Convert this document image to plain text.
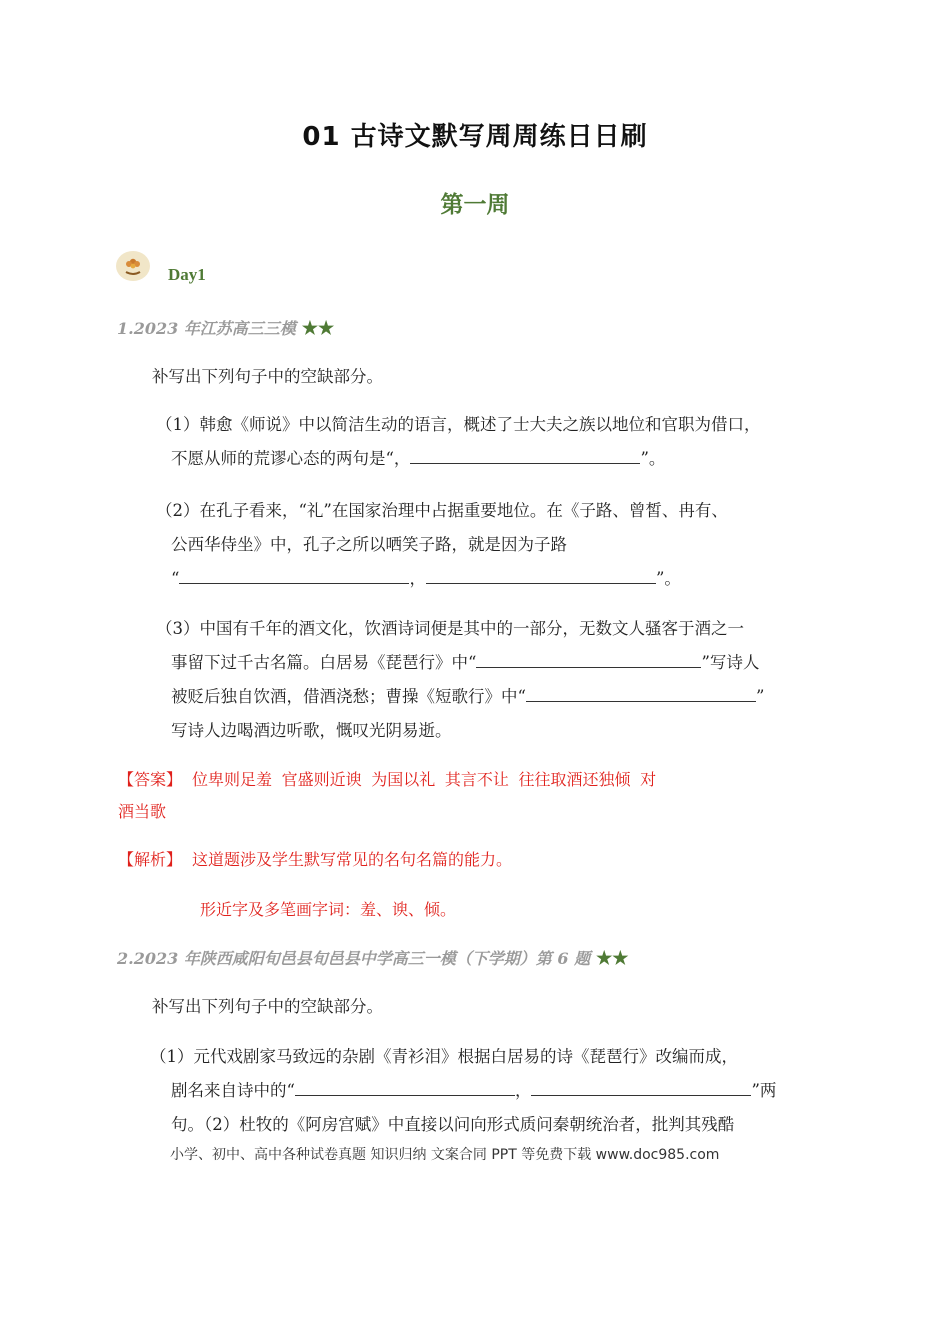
01 古诗文默写周周练日日刷
第一周
Day1
1.2023 年江苏高三三模 ★★
补写出下列句子中的空缺部分。
（1）韩愈《师说》中以简洁生动的语言，概述了士大夫之族以地位和官职为借口，
不愿从师的荒谬心态的两句是“，	”。
（2）在孔子看来，“礼”在国家治理中占据重要地位。在《子路、曾皙、冉有、
公西华侍坐》中，孔子之所以哂笑子路，就是因为子路
“	，	”。
（3）中国有千年的酒文化，饮酒诗词便是其中的一部分，无数文人骚客于酒之一
事留下过千古名篇。白居易《琵琶行》中“	”写诗人
被贬后独自饮酒，借酒浇愁；曹操《短歌行》中“	”
写诗人边喝酒边听歌，慨叹光阴易逝。
【答案】 位卑则足羞 官盛则近谀 为国以礼 其言不让 往往取酒还独倾 对
酒当歌
【解析】 这道题涉及学生默写常见的名句名篇的能力。
形近字及多笔画字词：羞、谀、倾。
2.2023 年陕西咸阳旬邑县旬邑县中学高三一模（下学期）第 6 题 ★★
补写出下列句子中的空缺部分。
（1）元代戏剧家马致远的杂剧《青衫泪》根据白居易的诗《琵琶行》改编而成，
剧名来自诗中的“	，	”两
句。（2）杜牧的《阿房宫赋》中直接以问向形式质问秦朝统治者，批判其残酷
小学、初中、高中各种试卷真题 知识归纳 文案合同 PPT 等免费下载 www.doc985.com
